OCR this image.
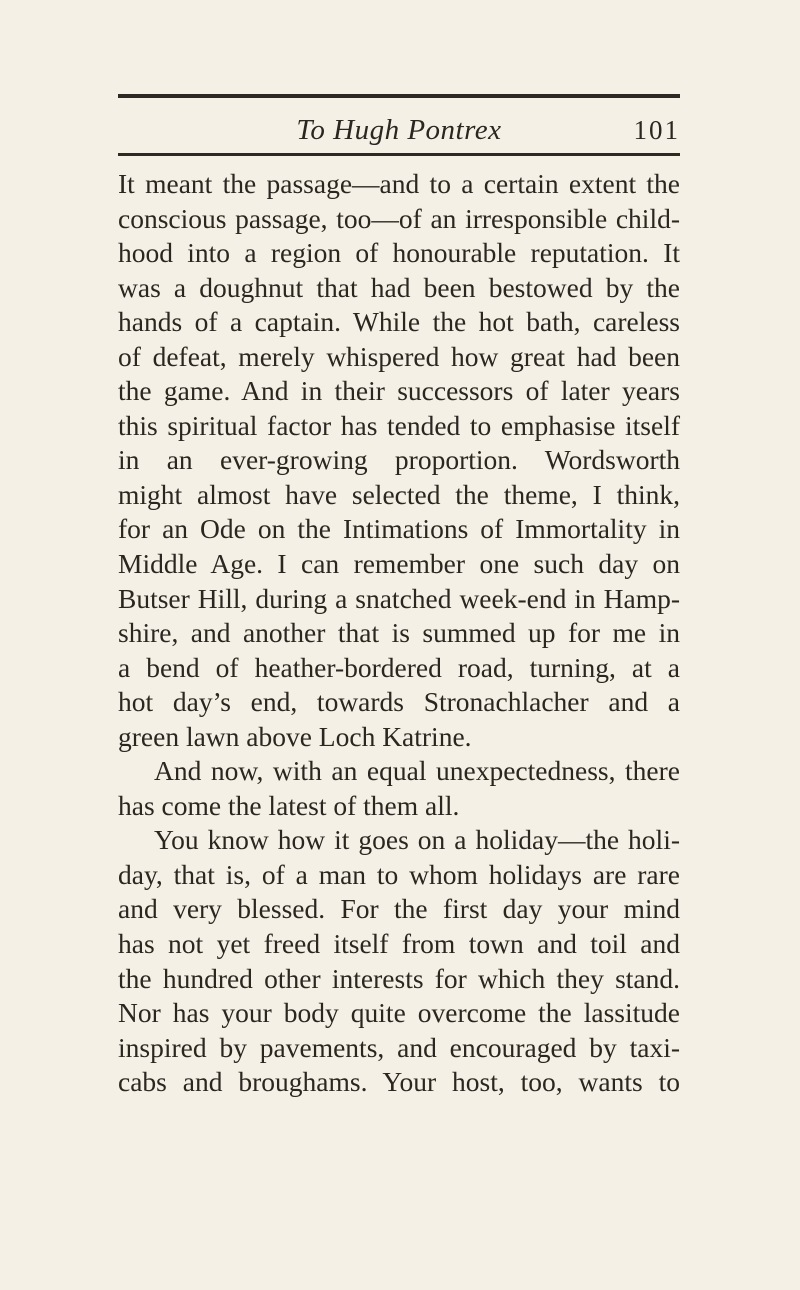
To Hugh Pontrex	101
It meant the passage—and to a certain extent the
conscious passage, too—of an irresponsible child-
hood into a region of honourable reputation. It
was a doughnut that had been bestowed by the
hands of a captain. While the hot bath, careless
of defeat, merely whispered how great had been
the game. And in their successors of later years
this spiritual factor has tended to emphasise itself
in an ever-growing proportion. Wordsworth
might almost have selected the theme, I think,
for an Ode on the Intimations of Immortality in
Middle Age. I can remember one such day on
Butser Hill, during a snatched week-end in Hamp-
shire, and another that is summed up for me in
a bend of heather-bordered road, turning, at a
hot day’s end, towards Stronachlacher and a
green lawn above Loch Katrine.
And now, with an equal unexpectedness, there
has come the latest of them all.
You know how it goes on a holiday—the holi-
day, that is, of a man to whom holidays are rare
and very blessed. For the first day your mind
has not yet freed itself from town and toil and
the hundred other interests for which they stand.
Nor has your body quite overcome the lassitude
inspired by pavements, and encouraged by taxi-
cabs and broughams. Your host, too, wants to
